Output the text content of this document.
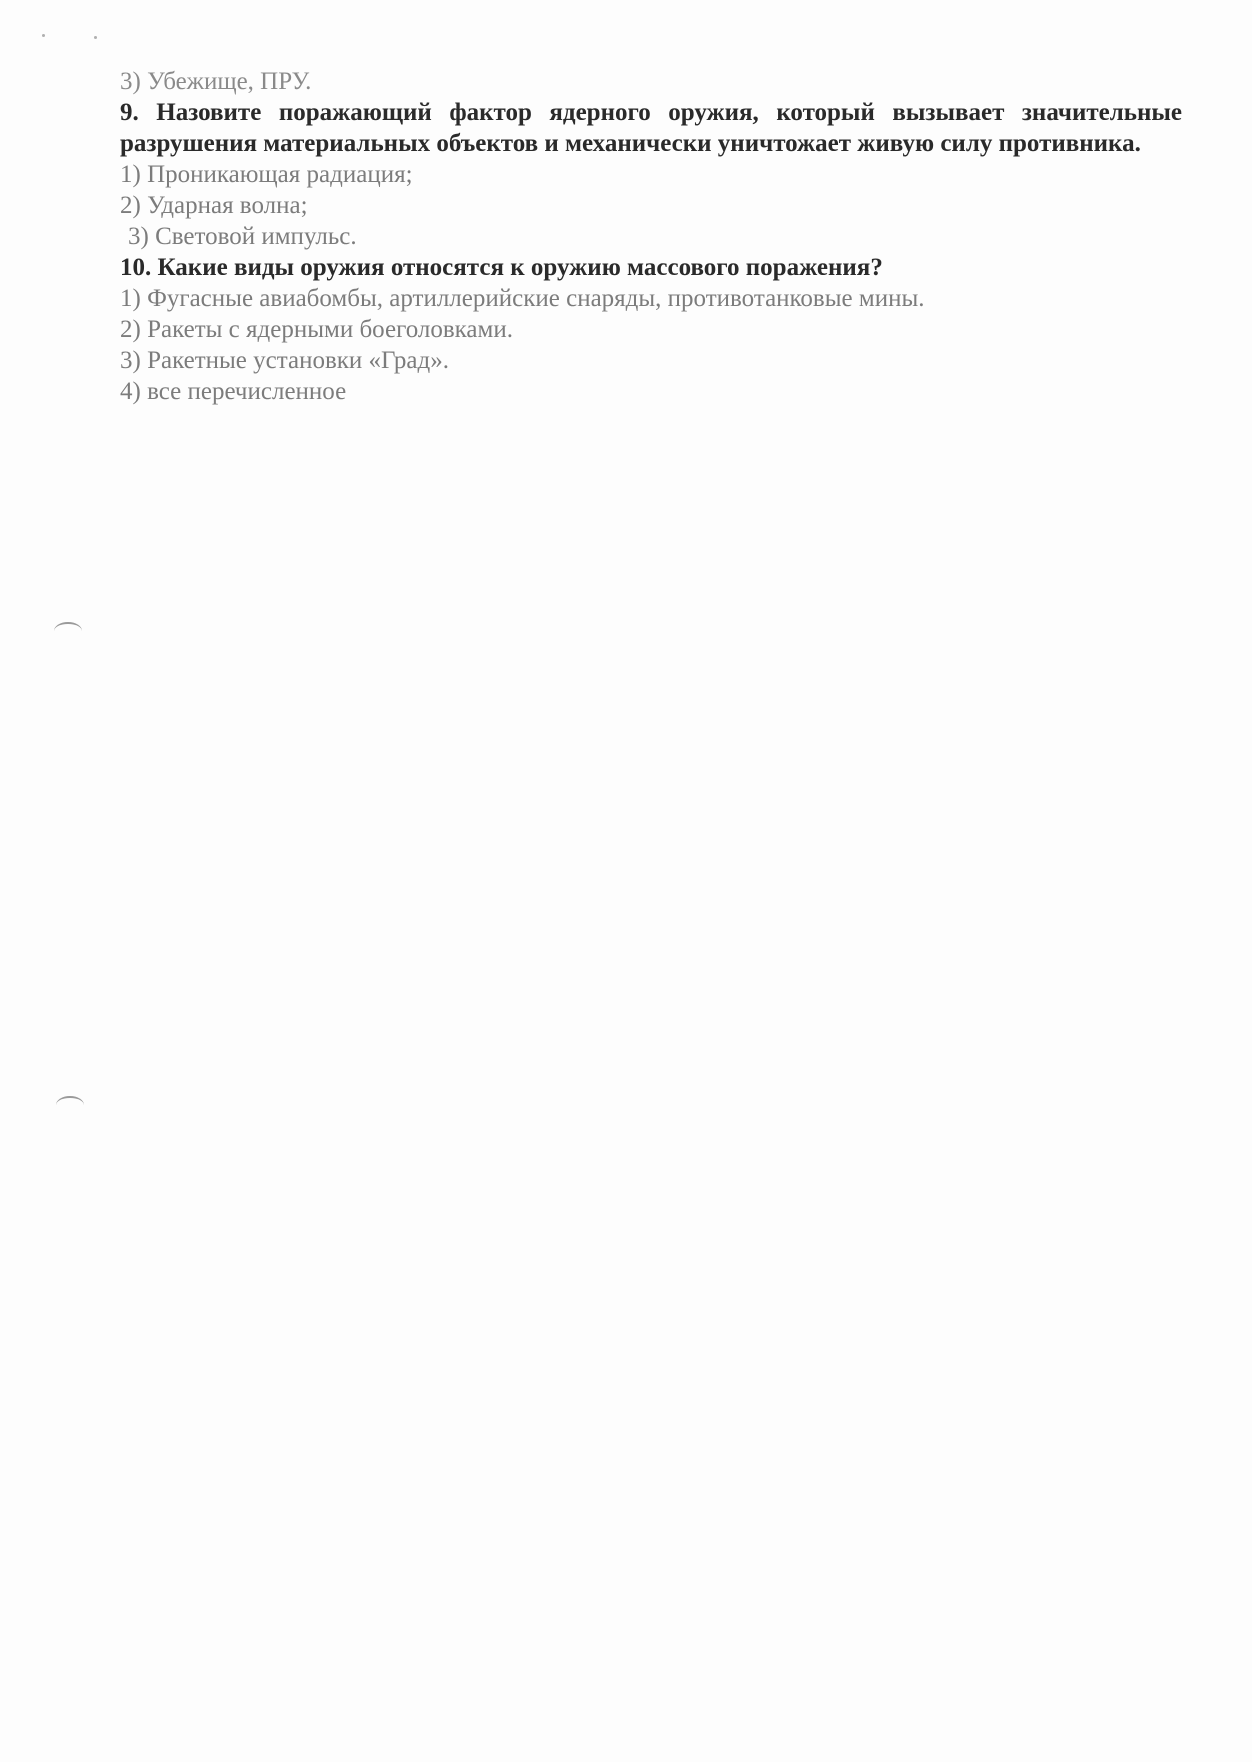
3) Убежище, ПРУ.

9. Назовите поражающий фактор ядерного оружия, который вызывает значительные разрушения материальных объектов и механически уничтожает живую силу противника.

1) Проникающая радиация;

2) Ударная волна;

3) Световой импульс.

10. Какие виды оружия относятся к оружию массового поражения?

1) Фугасные авиабомбы, артиллерийские снаряды, противотанковые мины.

2) Ракеты с ядерными боеголовками.

3) Ракетные установки «Град».

4) все перечисленное
